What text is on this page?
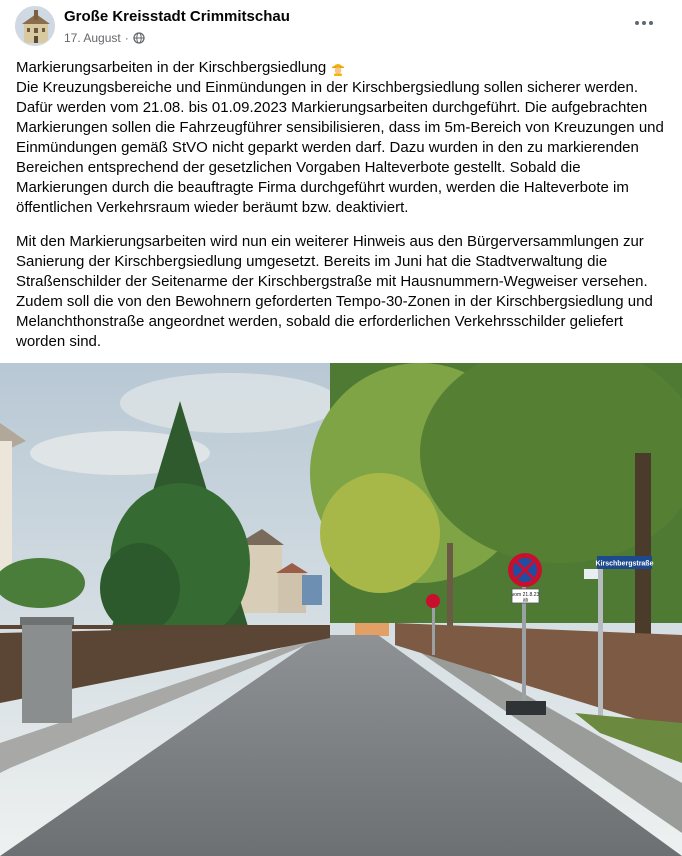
Große Kreisstadt Crimmitschau
17. August ·

Markierungsarbeiten in der Kirschbergsiedlung

Die Kreuzungsbereiche und Einmündungen in der Kirschbergsiedlung sollen sicherer werden. Dafür werden vom 21.08. bis 01.09.2023 Markierungsarbeiten durchgeführt. Die aufgebrachten Markierungen sollen die Fahrzeugführer sensibilisieren, dass im 5m-Bereich von Kreuzungen und Einmündungen gemäß StVO nicht geparkt werden darf. Dazu wurden in den zu markierenden Bereichen entsprechend der gesetzlichen Vorgaben Halteverbote gestellt. Sobald die Markierungen durch die beauftragte Firma durchgeführt wurden, werden die Halteverbote im öffentlichen Verkehrsraum wieder beräumt bzw. deaktiviert.

Mit den Markierungsarbeiten wird nun ein weiterer Hinweis aus den Bürgerversammlungen zur Sanierung der Kirschbergsiedlung umgesetzt. Bereits im Juni hat die Stadtverwaltung die Straßenschilder der Seitenarme der Kirschbergstraße mit Hausnummern-Wegweiser versehen. Zudem soll die von den Bewohnern geforderten Tempo-30-Zonen in der Kirschbergsiedlung und Melanchthonstraße angeordnet werden, sobald die erforderlichen Verkehrsschilder geliefert worden sind.

vom 21.8.23
ab
Kirschbergstraße
